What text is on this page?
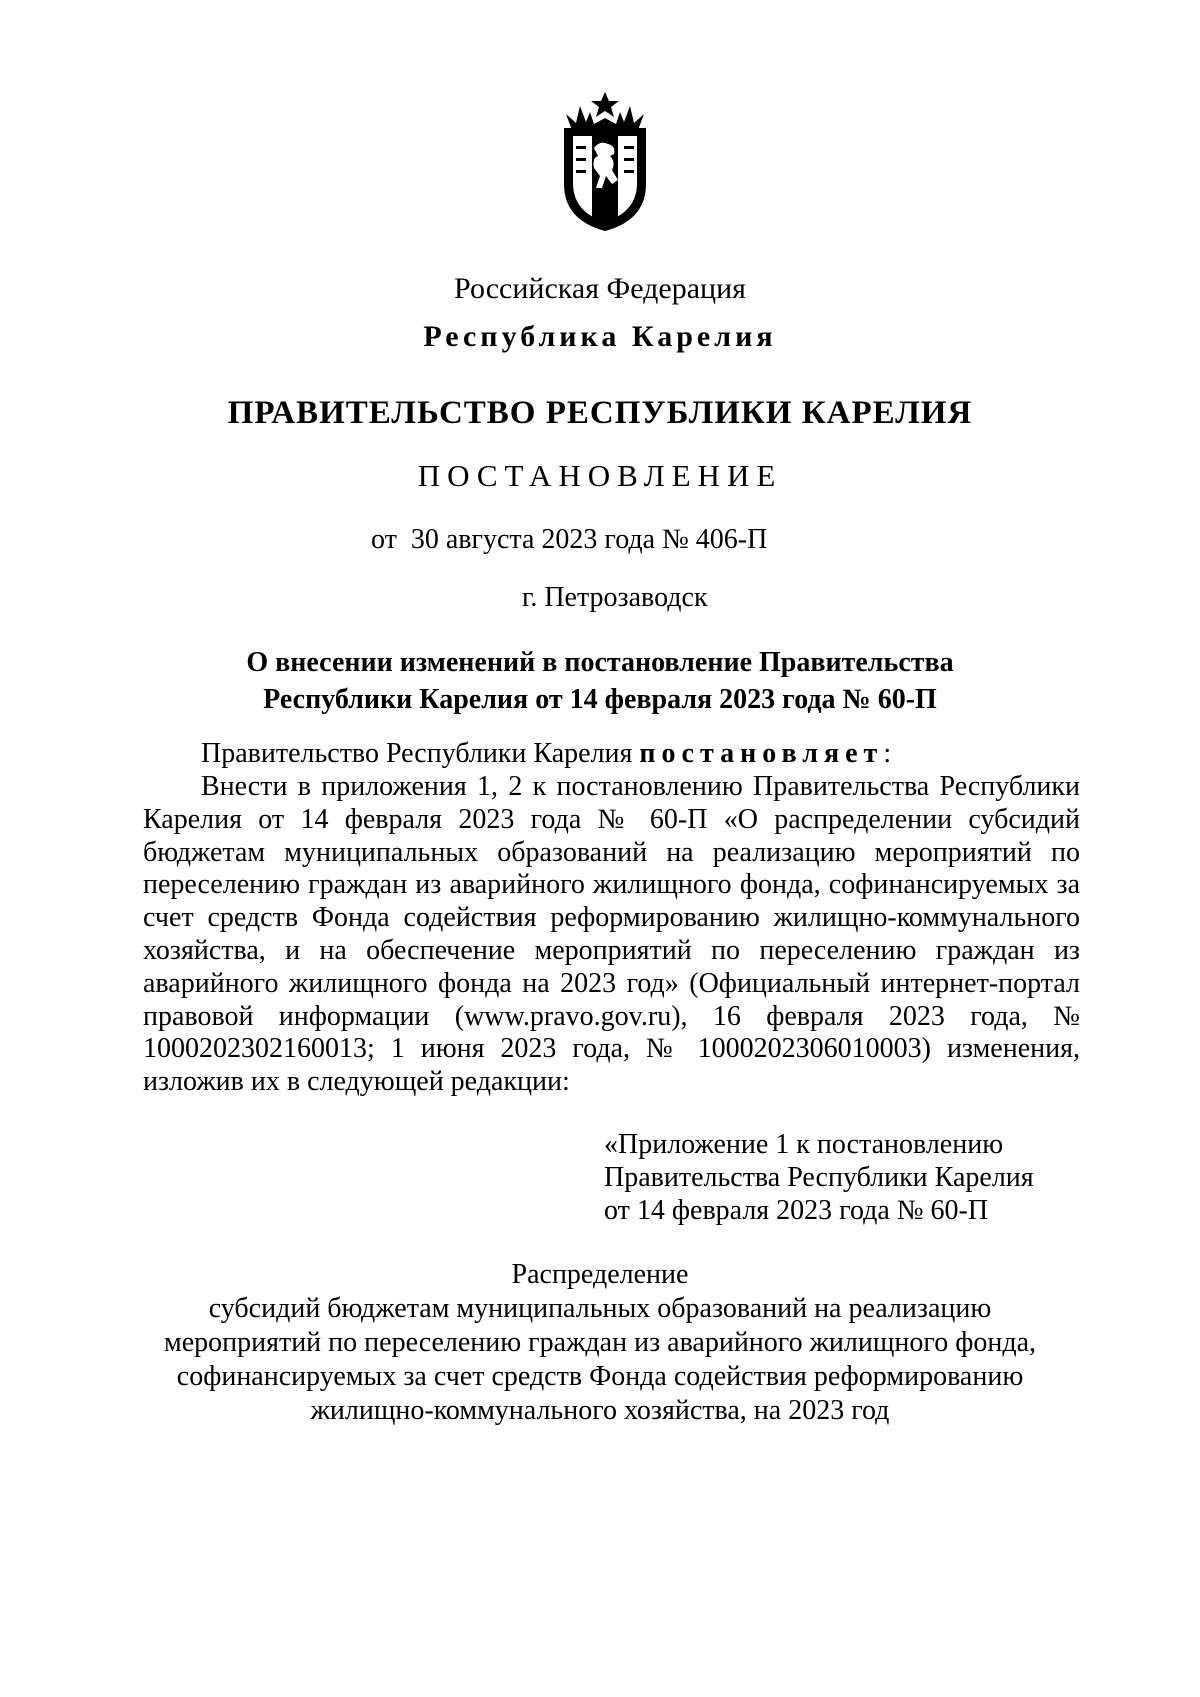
Российская Федерация
Республика Карелия
ПРАВИТЕЛЬСТВО РЕСПУБЛИКИ КАРЕЛИЯ
ПОСТАНОВЛЕНИЕ
от  30 августа 2023 года № 406-П
г. Петрозаводск
О внесении изменений в постановление Правительства
Республики Карелия от 14 февраля 2023 года № 60-П
Правительство Республики Карелия постановляет:
Внести в приложения 1, 2 к постановлению Правительства Республики Карелия от 14 февраля 2023 года № 60-П «О распределении субсидий бюджетам муниципальных образований на реализацию мероприятий по переселению граждан из аварийного жилищного фонда, софинансируемых за счет средств Фонда содействия реформированию жилищно-коммунального хозяйства, и на обеспечение мероприятий по переселению граждан из аварийного жилищного фонда на 2023 год» (Официальный интернет-портал правовой информации (www.pravo.gov.ru), 16 февраля 2023 года, № 1000202302160013; 1 июня 2023 года, № 1000202306010003) изменения, изложив их в следующей редакции:
«Приложение 1 к постановлению
Правительства Республики Карелия
от 14 февраля 2023 года № 60-П
Распределение
субсидий бюджетам муниципальных образований на реализацию
мероприятий по переселению граждан из аварийного жилищного фонда,
софинансируемых за счет средств Фонда содействия реформированию
жилищно-коммунального хозяйства, на 2023 год
